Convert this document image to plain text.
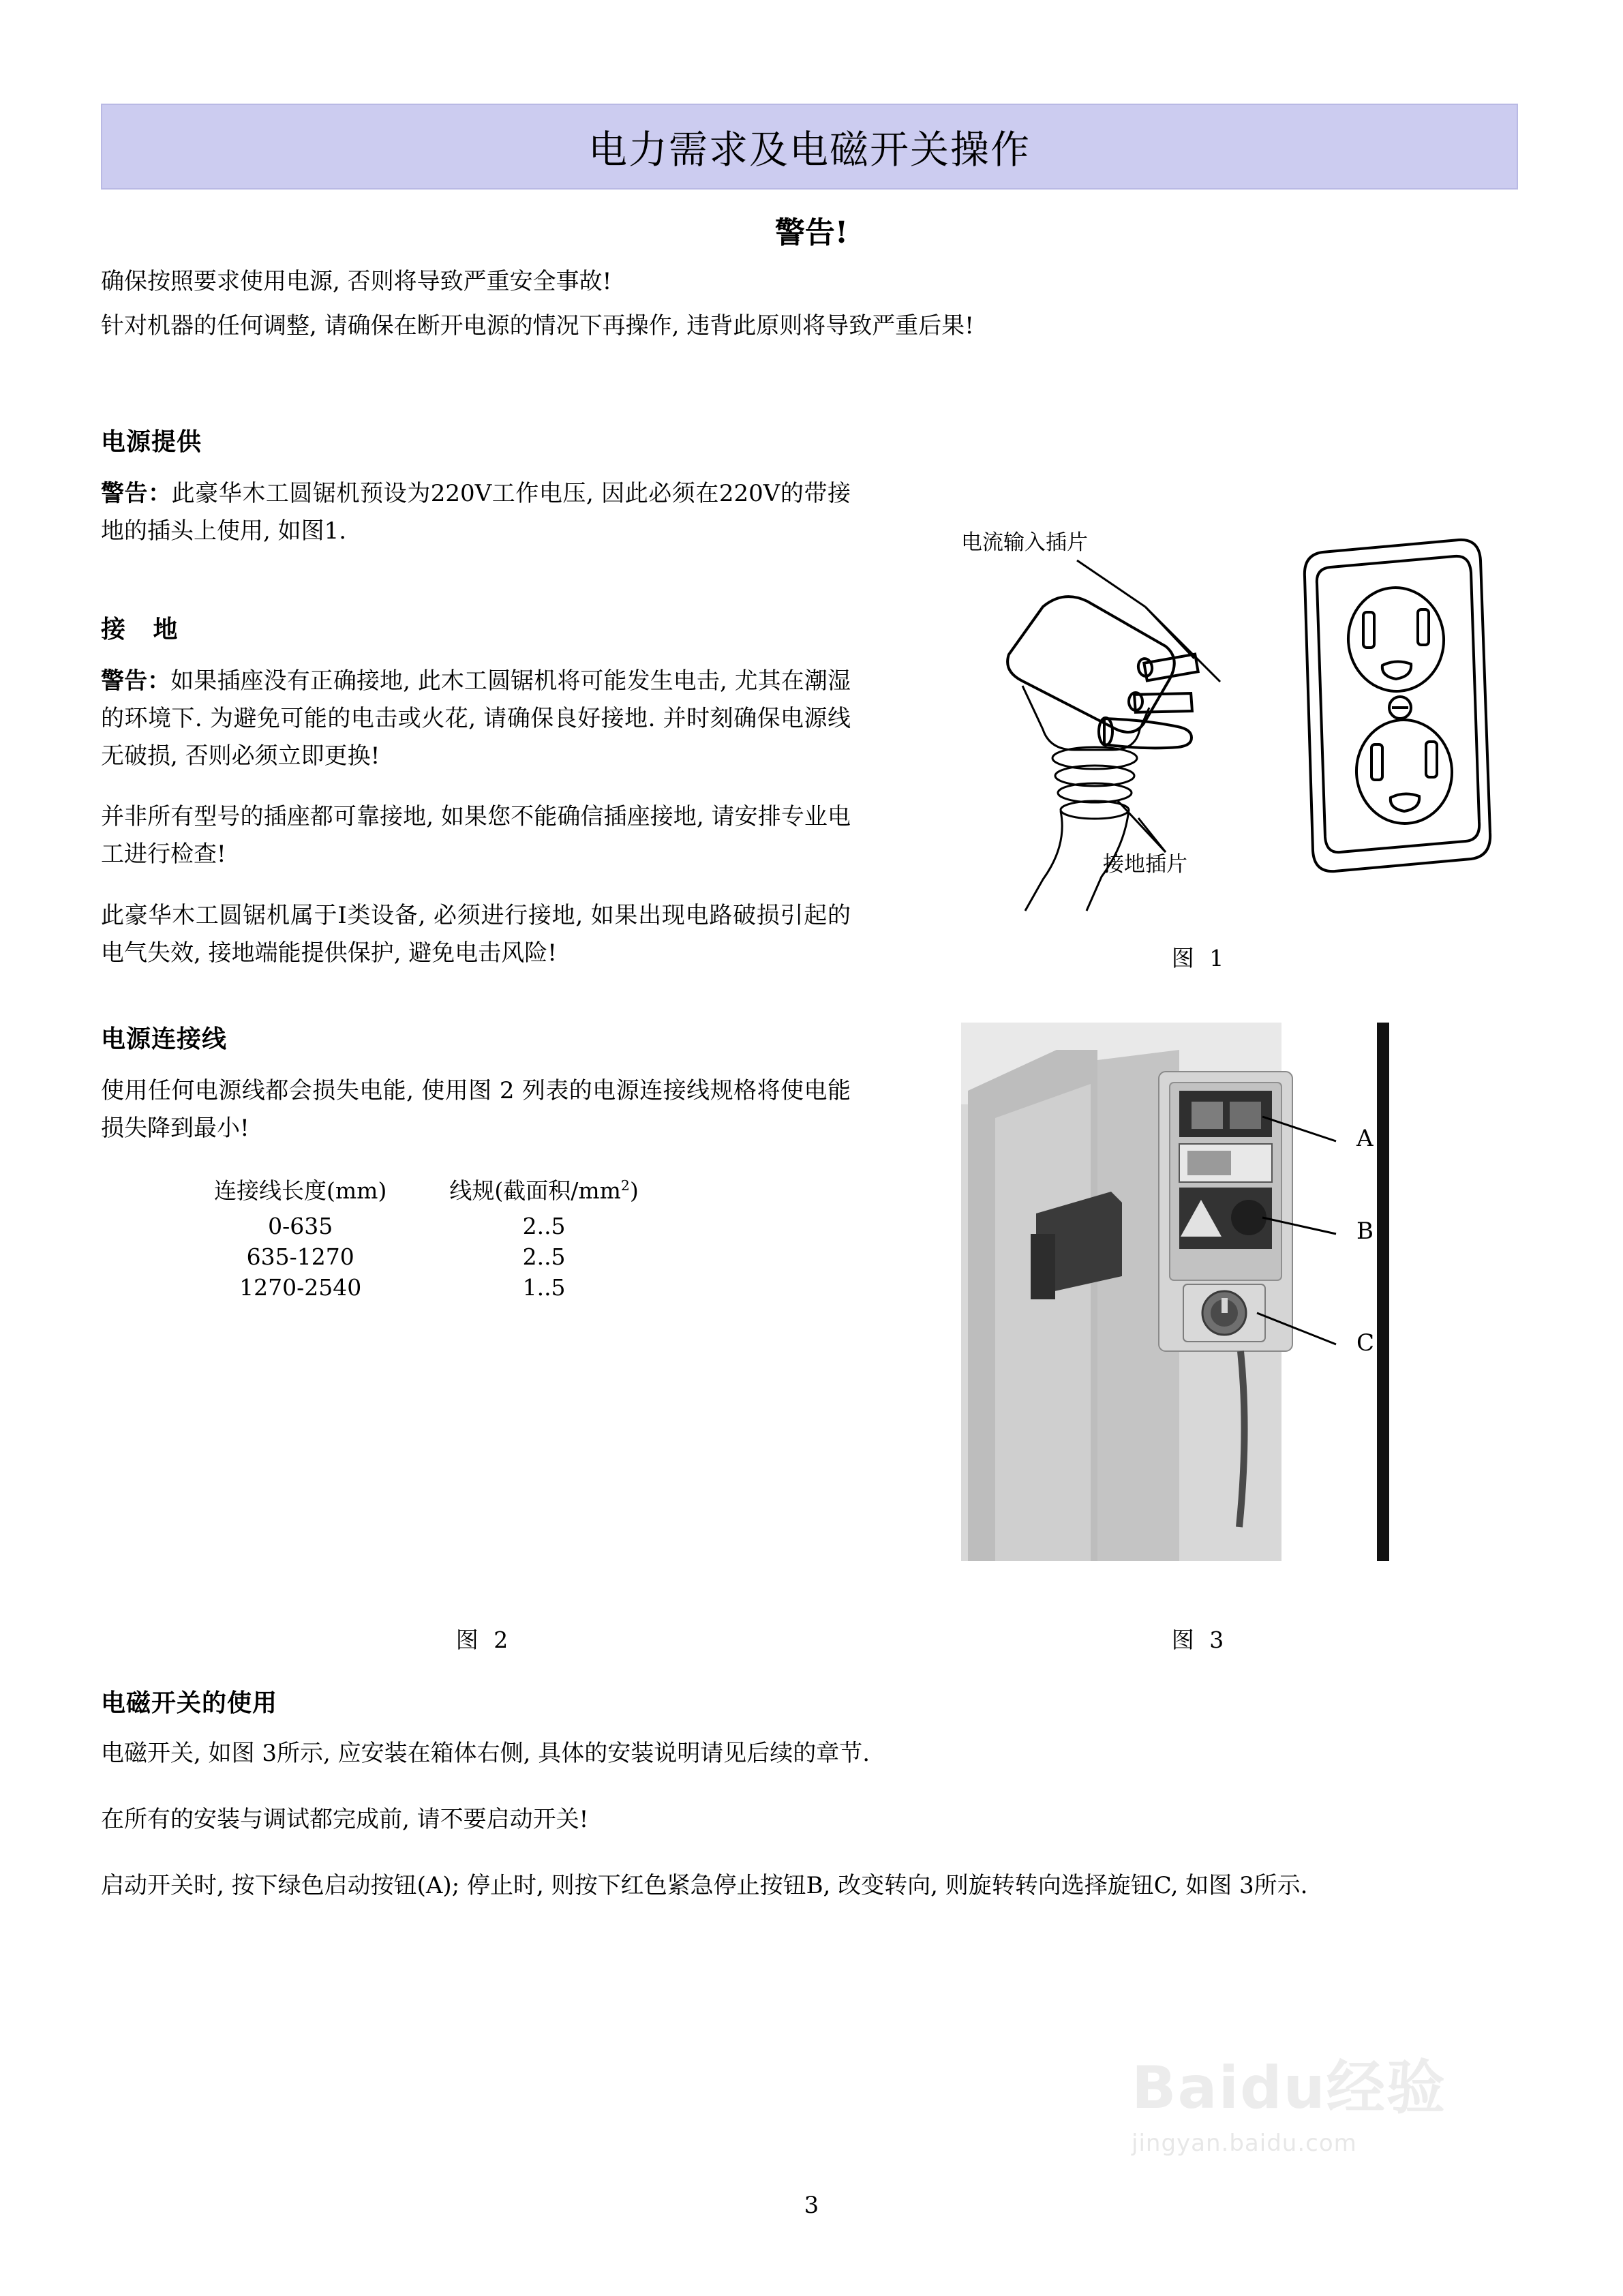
电力需求及电磁开关操作
警告!
确保按照要求使用电源, 否则将导致严重安全事故!
针对机器的任何调整, 请确保在断开电源的情况下再操作, 违背此原则将导致严重后果!
电源提供

警告：此豪华木工圆锯机预设为220V工作电压, 因此必须在220V的带接地的插头上使用, 如图1.

接 地

警告：如果插座没有正确接地, 此木工圆锯机将可能发生电击, 尤其在潮湿的环境下. 为避免可能的电击或火花, 请确保良好接地. 并时刻确保电源线无破损, 否则必须立即更换!

并非所有型号的插座都可靠接地, 如果您不能确信插座接地, 请安排专业电工进行检查!

此豪华木工圆锯机属于Ⅰ类设备, 必须进行接地, 如果出现电路破损引起的电气失效, 接地端能提供保护, 避免电击风险!

电源连接线

使用任何电源线都会损失电能, 使用图 2 列表的电源连接线规格将使电能损失降到最小!

连接线长度(mm)	线规(截面积$/mm^2$)
0-635	2..5
635-1270	2..5
1270-2540	1..5
图 2
电流输入插片
接地插片
图 1
A
B
C
图 3
电磁开关的使用

电磁开关, 如图 3所示, 应安装在箱体右侧, 具体的安装说明请见后续的章节.

在所有的安装与调试都完成前, 请不要启动开关!

启动开关时, 按下绿色启动按钮(A); 停止时, 则按下红色紧急停止按钮B, 改变转向, 则旋转转向选择旋钮C, 如图 3所示.

3
Baidu经验
jingyan.baidu.com
